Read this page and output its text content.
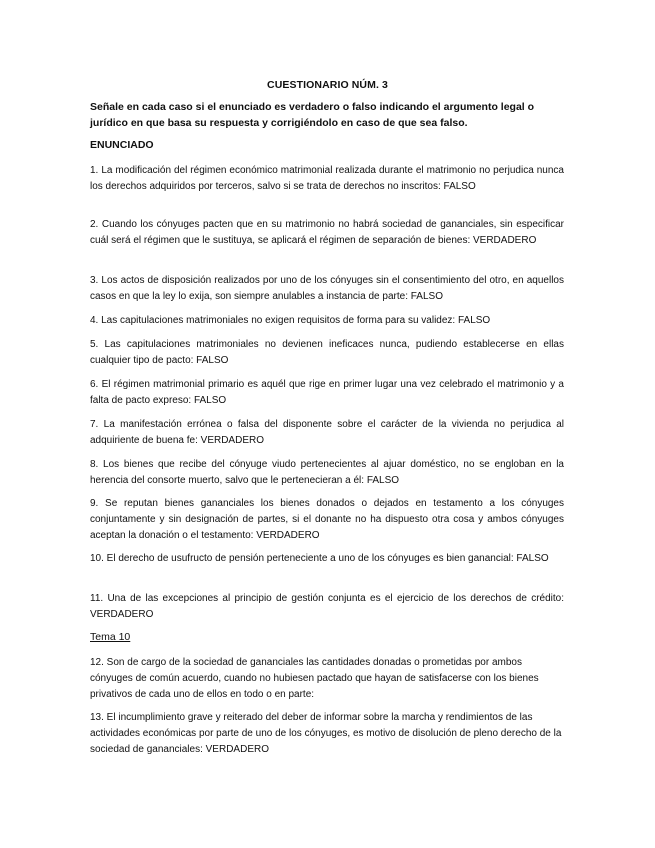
CUESTIONARIO NÚM. 3
Señale en cada caso si el enunciado es verdadero o falso indicando el argumento legal o jurídico en que basa su respuesta y corrigiéndolo en caso de que sea falso.
ENUNCIADO
1. La modificación del régimen económico matrimonial realizada durante el matrimonio no perjudica nunca los derechos adquiridos por terceros, salvo si se trata de derechos no inscritos: FALSO
2. Cuando los cónyuges pacten que en su matrimonio no habrá sociedad de gananciales, sin especificar cuál será el régimen que le sustituya, se aplicará el régimen de separación de bienes: VERDADERO
3. Los actos de disposición realizados por uno de los cónyuges sin el consentimiento del otro, en aquellos casos en que la ley lo exija, son siempre anulables a instancia de parte: FALSO
4. Las capitulaciones matrimoniales no exigen requisitos de forma para su validez: FALSO
5. Las capitulaciones matrimoniales no devienen ineficaces nunca, pudiendo establecerse en ellas cualquier tipo de pacto: FALSO
6. El régimen matrimonial primario es aquél que rige en primer lugar una vez celebrado el matrimonio y a falta de pacto expreso: FALSO
7. La manifestación errónea o falsa del disponente sobre el carácter de la vivienda no perjudica al adquiriente de buena fe: VERDADERO
8. Los bienes que recibe del cónyuge viudo pertenecientes al ajuar doméstico, no se engloban en la herencia del consorte muerto, salvo que le pertenecieran a él: FALSO
9. Se reputan bienes gananciales los bienes donados o dejados en testamento a los cónyuges conjuntamente y sin designación de partes, si el donante no ha dispuesto otra cosa y ambos cónyuges aceptan la donación o el testamento: VERDADERO
10. El derecho de usufructo de pensión perteneciente a uno de los cónyuges es bien ganancial: FALSO
11. Una de las excepciones al principio de gestión conjunta es el ejercicio de los derechos de crédito: VERDADERO
Tema 10
12. Son de cargo de la sociedad de gananciales las cantidades donadas o prometidas por ambos cónyuges de común acuerdo, cuando no hubiesen pactado que hayan de satisfacerse con los bienes privativos de cada uno de ellos en todo o en parte:
13. El incumplimiento grave y reiterado del deber de informar sobre la marcha y rendimientos de las actividades económicas por parte de uno de los cónyuges, es motivo de disolución de pleno derecho de la sociedad de gananciales: VERDADERO
